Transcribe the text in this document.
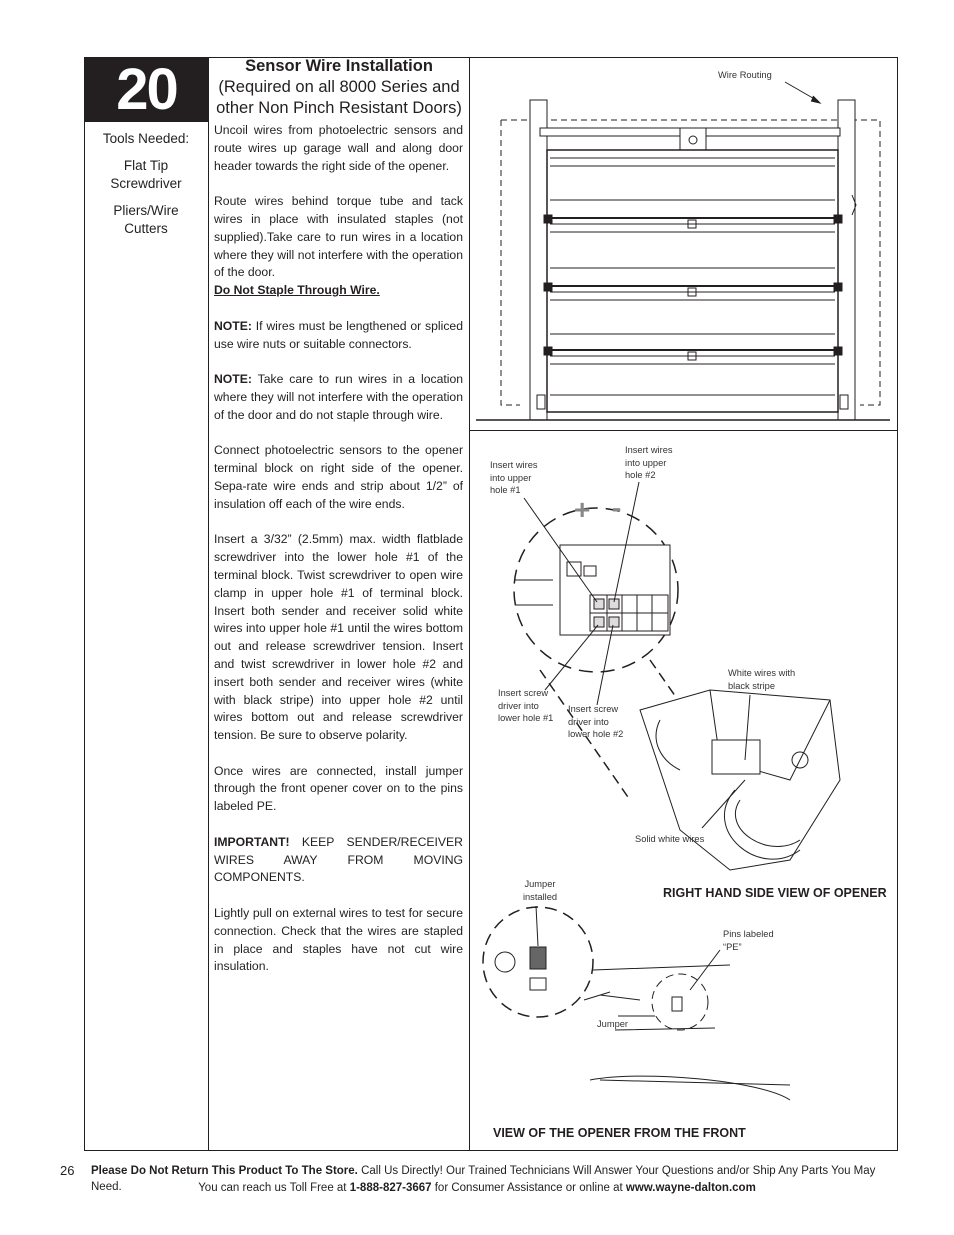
20
Tools Needed:
Flat Tip Screwdriver
Pliers/Wire Cutters
Sensor Wire Installation
(Required on all 8000 Series and other Non Pinch Resistant Doors)

Uncoil wires from photoelectric sensors and route wires up garage wall and along door header towards the right side of the opener.

Route wires behind torque tube and tack wires in place with insulated staples (not supplied).Take care to run wires in a location where they will not interfere with the operation of the door.
Do Not Staple Through Wire.

NOTE: If wires must be lengthened or spliced use wire nuts or suitable connectors.

NOTE: Take care to run wires in a location where they will not interfere with the operation of the door and do not staple through wire.

Connect photoelectric sensors to the opener terminal block on right side of the opener. Sepa-rate wire ends and strip about 1/2” of insulation off each of the wire ends.

Insert a 3/32” (2.5mm) max. width flatblade screwdriver into the lower hole #1 of the terminal block. Twist screwdriver to open wire clamp in upper hole #1 of terminal block. Insert both sender and receiver solid white wires into upper hole #1 until the wires bottom out and release screwdriver tension. Insert and twist screwdriver in lower hole #2 and insert both sender and receiver wires (white with black stripe) into upper hole #2 until wires bottom out and release screwdriver tension. Be sure to observe polarity.

Once wires are connected, install jumper through the front opener cover on to the pins labeled PE.

IMPORTANT! KEEP SENDER/RECEIVER WIRES AWAY FROM MOVING COMPONENTS.

Lightly pull on external wires to test for secure connection. Check that the wires are stapled in place and staples have not cut wire insulation.

Wire Routing
+ -
Insert wires into upper hole #1
Insert wires into upper hole #2
Insert screw driver into lower hole #1
Insert screw driver into lower hole #2
White wires with black stripe
Solid white wires
RIGHT HAND SIDE VIEW OF OPENER
Jumper installed
Pins labeled “PE”
Jumper
VIEW OF THE OPENER FROM THE FRONT
26 Please Do Not Return This Product To The Store. Call Us Directly! Our Trained Technicians Will Answer Your Questions and/or Ship Any Parts You May Need.	You can reach us Toll Free at 1-888-827-3667 for Consumer Assistance or online at www.wayne-dalton.com
